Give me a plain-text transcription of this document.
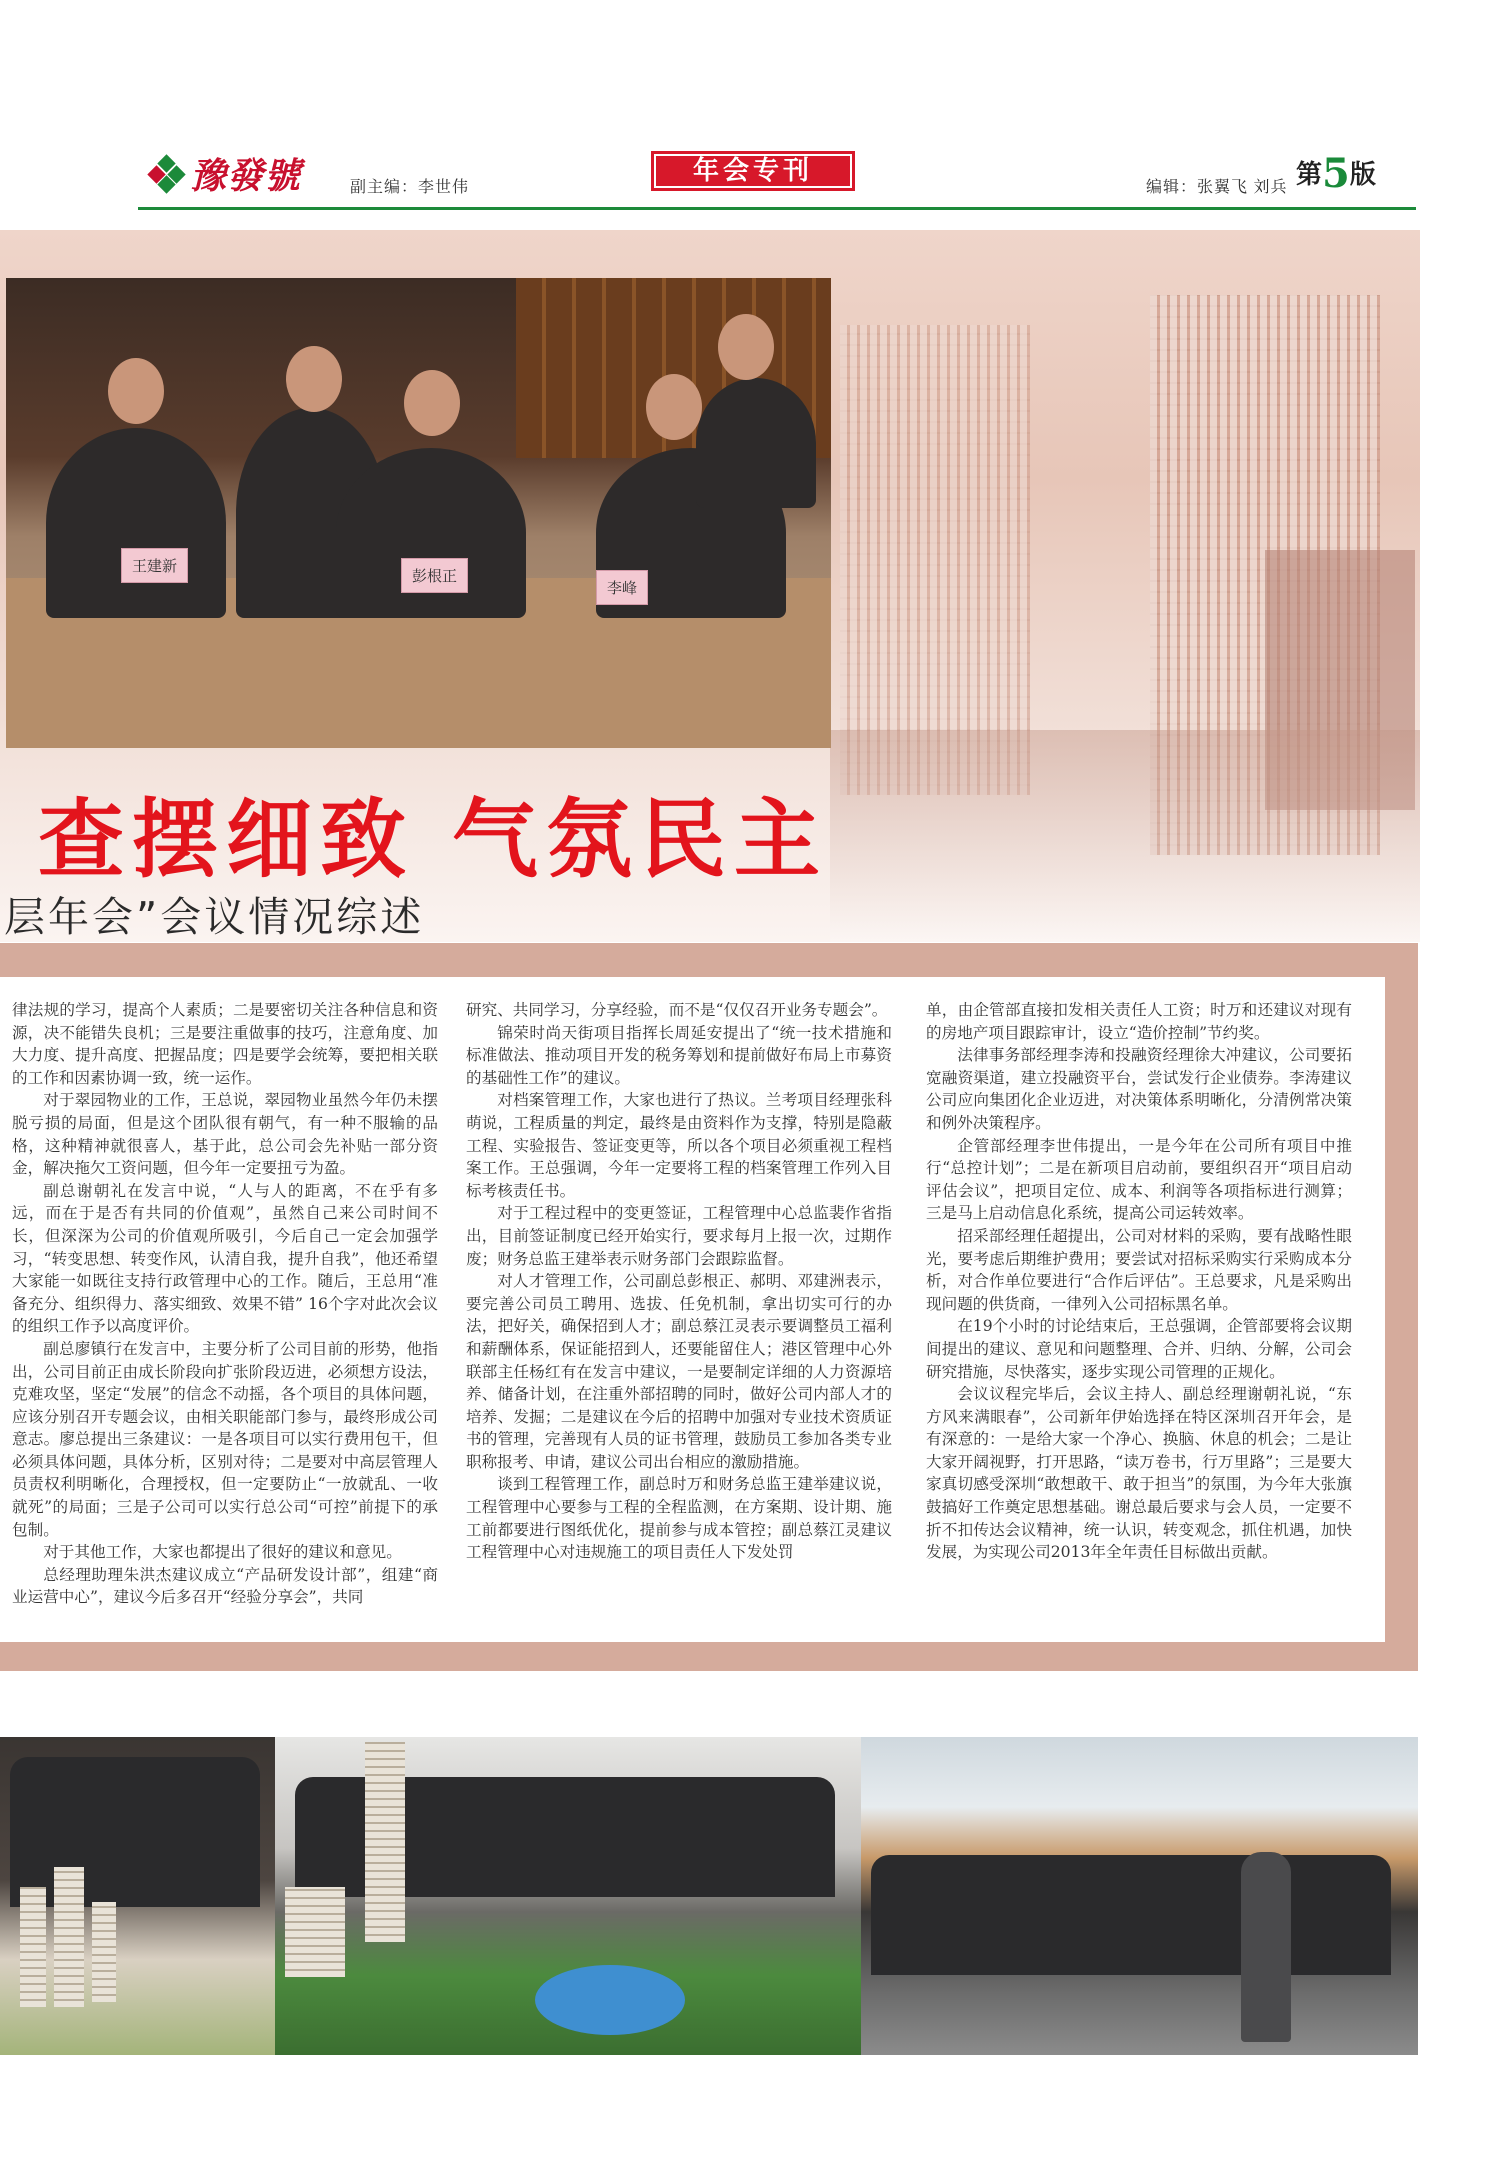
豫發號	副主编：李世伟
年会专刊
编辑：张翼飞 刘兵 第5版
王建新
彭根正
李峰
查摆细致 气氛民主
层年会”会议情况综述

律法规的学习，提高个人素质；二是要密切关注各种信息和资源，决不能错失良机；三是要注重做事的技巧，注意角度、加大力度、提升高度、把握品度；四是要学会统筹，要把相关联的工作和因素协调一致，统一运作。

对于翠园物业的工作，王总说，翠园物业虽然今年仍未摆脱亏损的局面，但是这个团队很有朝气，有一种不服输的品格，这种精神就很喜人，基于此，总公司会先补贴一部分资金，解决拖欠工资问题，但今年一定要扭亏为盈。

副总谢朝礼在发言中说，“人与人的距离，不在乎有多远，而在于是否有共同的价值观”，虽然自己来公司时间不长，但深深为公司的价值观所吸引，今后自己一定会加强学习，“转变思想、转变作风，认清自我，提升自我”，他还希望大家能一如既往支持行政管理中心的工作。随后，王总用“准备充分、组织得力、落实细致、效果不错” 16个字对此次会议的组织工作予以高度评价。

副总廖镇行在发言中，主要分析了公司目前的形势，他指出，公司目前正由成长阶段向扩张阶段迈进，必须想方设法，克难攻坚，坚定“发展”的信念不动摇，各个项目的具体问题，应该分别召开专题会议，由相关职能部门参与，最终形成公司意志。廖总提出三条建议：一是各项目可以实行费用包干，但必须具体问题，具体分析，区别对待；二是要对中高层管理人员责权利明晰化，合理授权，但一定要防止“一放就乱、一收就死”的局面；三是子公司可以实行总公司“可控”前提下的承包制。

对于其他工作，大家也都提出了很好的建议和意见。

总经理助理朱洪杰建议成立“产品研发设计部”，组建“商业运营中心”，建议今后多召开“经验分享会”，共同

研究、共同学习，分享经验，而不是“仅仅召开业务专题会”。

锦荣时尚天街项目指挥长周延安提出了“统一技术措施和标准做法、推动项目开发的税务筹划和提前做好布局上市募资的基础性工作”的建议。

对档案管理工作，大家也进行了热议。兰考项目经理张科萌说，工程质量的判定，最终是由资料作为支撑，特别是隐蔽工程、实验报告、签证变更等，所以各个项目必须重视工程档案工作。王总强调，今年一定要将工程的档案管理工作列入目标考核责任书。

对于工程过程中的变更签证，工程管理中心总监裴作省指出，目前签证制度已经开始实行，要求每月上报一次，过期作废；财务总监王建举表示财务部门会跟踪监督。

对人才管理工作，公司副总彭根正、郝明、邓建洲表示，要完善公司员工聘用、选拔、任免机制，拿出切实可行的办法，把好关，确保招到人才；副总蔡江灵表示要调整员工福利和薪酬体系，保证能招到人，还要能留住人；港区管理中心外联部主任杨红有在发言中建议，一是要制定详细的人力资源培养、储备计划，在注重外部招聘的同时，做好公司内部人才的培养、发掘；二是建议在今后的招聘中加强对专业技术资质证书的管理，完善现有人员的证书管理，鼓励员工参加各类专业职称报考、申请，建议公司出台相应的激励措施。

谈到工程管理工作，副总时万和财务总监王建举建议说，工程管理中心要参与工程的全程监测，在方案期、设计期、施工前都要进行图纸优化，提前参与成本管控；副总蔡江灵建议工程管理中心对违规施工的项目责任人下发处罚

单，由企管部直接扣发相关责任人工资；时万和还建议对现有的房地产项目跟踪审计，设立“造价控制”节约奖。

法律事务部经理李涛和投融资经理徐大冲建议，公司要拓宽融资渠道，建立投融资平台，尝试发行企业债券。李涛建议公司应向集团化企业迈进，对决策体系明晰化，分清例常决策和例外决策程序。

企管部经理李世伟提出，一是今年在公司所有项目中推行“总控计划”；二是在新项目启动前，要组织召开“项目启动评估会议”，把项目定位、成本、利润等各项指标进行测算；三是马上启动信息化系统，提高公司运转效率。

招采部经理任超提出，公司对材料的采购，要有战略性眼光，要考虑后期维护费用；要尝试对招标采购实行采购成本分析，对合作单位要进行“合作后评估”。王总要求，凡是采购出现问题的供货商，一律列入公司招标黑名单。

在19个小时的讨论结束后，王总强调，企管部要将会议期间提出的建议、意见和问题整理、合并、归纳、分解，公司会研究措施，尽快落实，逐步实现公司管理的正规化。

会议议程完毕后，会议主持人、副总经理谢朝礼说，“东方风来满眼春”，公司新年伊始选择在特区深圳召开年会，是有深意的：一是给大家一个净心、换脑、休息的机会；二是让大家开阔视野，打开思路，“读万卷书，行万里路”；三是要大家真切感受深圳“敢想敢干、敢于担当”的氛围，为今年大张旗鼓搞好工作奠定思想基础。谢总最后要求与会人员，一定要不折不扣传达会议精神，统一认识，转变观念，抓住机遇，加快发展，为实现公司2013年全年责任目标做出贡献。
